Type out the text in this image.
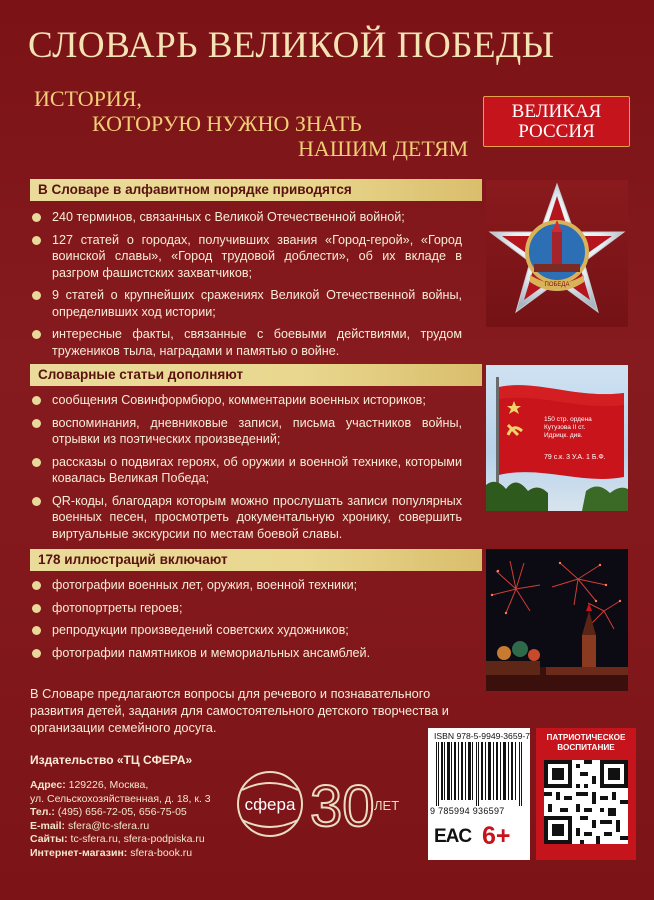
СЛОВАРЬ ВЕЛИКОЙ ПОБЕДЫ
ИСТОРИЯ,
КОТОРУЮ НУЖНО ЗНАТЬ
НАШИМ ДЕТЯМ
ВЕЛИКАЯ
РОССИЯ
В Словаре в алфавитном порядке приводятся
240 терминов, связанных с Великой Отечественной войной;
127 статей о городах, получивших звания «Город-герой», «Город воинской славы», «Город трудовой доблести», об их вкладе в разгром фашистских захватчиков;
9 статей о крупнейших сражениях Великой Отечественной войны, определивших ход истории;
интересные факты, связанные с боевыми действиями, трудом тружеников тыла, наградами и памятью о войне.
ПОБЕДА
Словарные статьи дополняют
сообщения Совинформбюро, комментарии военных историков;
воспоминания, дневниковые записи, письма участников войны, отрывки из поэтических произведений;
рассказы о подвигах героях, об оружии и военной технике, которыми ковалась Великая Победа;
QR-коды, благодаря которым можно прослушать записи популярных военных песен, просмотреть документальную хронику, совершить виртуальные экскурсии по местам боевой славы.
150 стр. ордена
Кутузова II ст.
Идрицк. див.
79 с.к. 3 У.А. 1 Б.Ф.
178 иллюстраций включают
фотографии военных лет, оружия, военной техники;
фотопортреты героев;
репродукции произведений советских художников;
фотографии памятников и мемориальных ансамблей.
В Словаре предлагаются вопросы для речевого и познавательного развития детей, задания для самостоятельного детского творчества и организации семейного досуга.
Издательство «ТЦ СФЕРА»
Адрес: 129226, Москва,
ул. Сельскохозяйственная, д. 18, к. 3
Тел.: (495) 656-72-05, 656-75-05
E-mail: sfera@tc-sfera.ru
Сайты: tc-sfera.ru, sfera-podpiska.ru
Интернет-магазин: sfera-book.ru
сфера 30 ЛЕТ
ISBN 978-5-9949-3659-7
9 785994 936597
EAC 6+
ПАТРИОТИЧЕСКОЕ
ВОСПИТАНИЕ
